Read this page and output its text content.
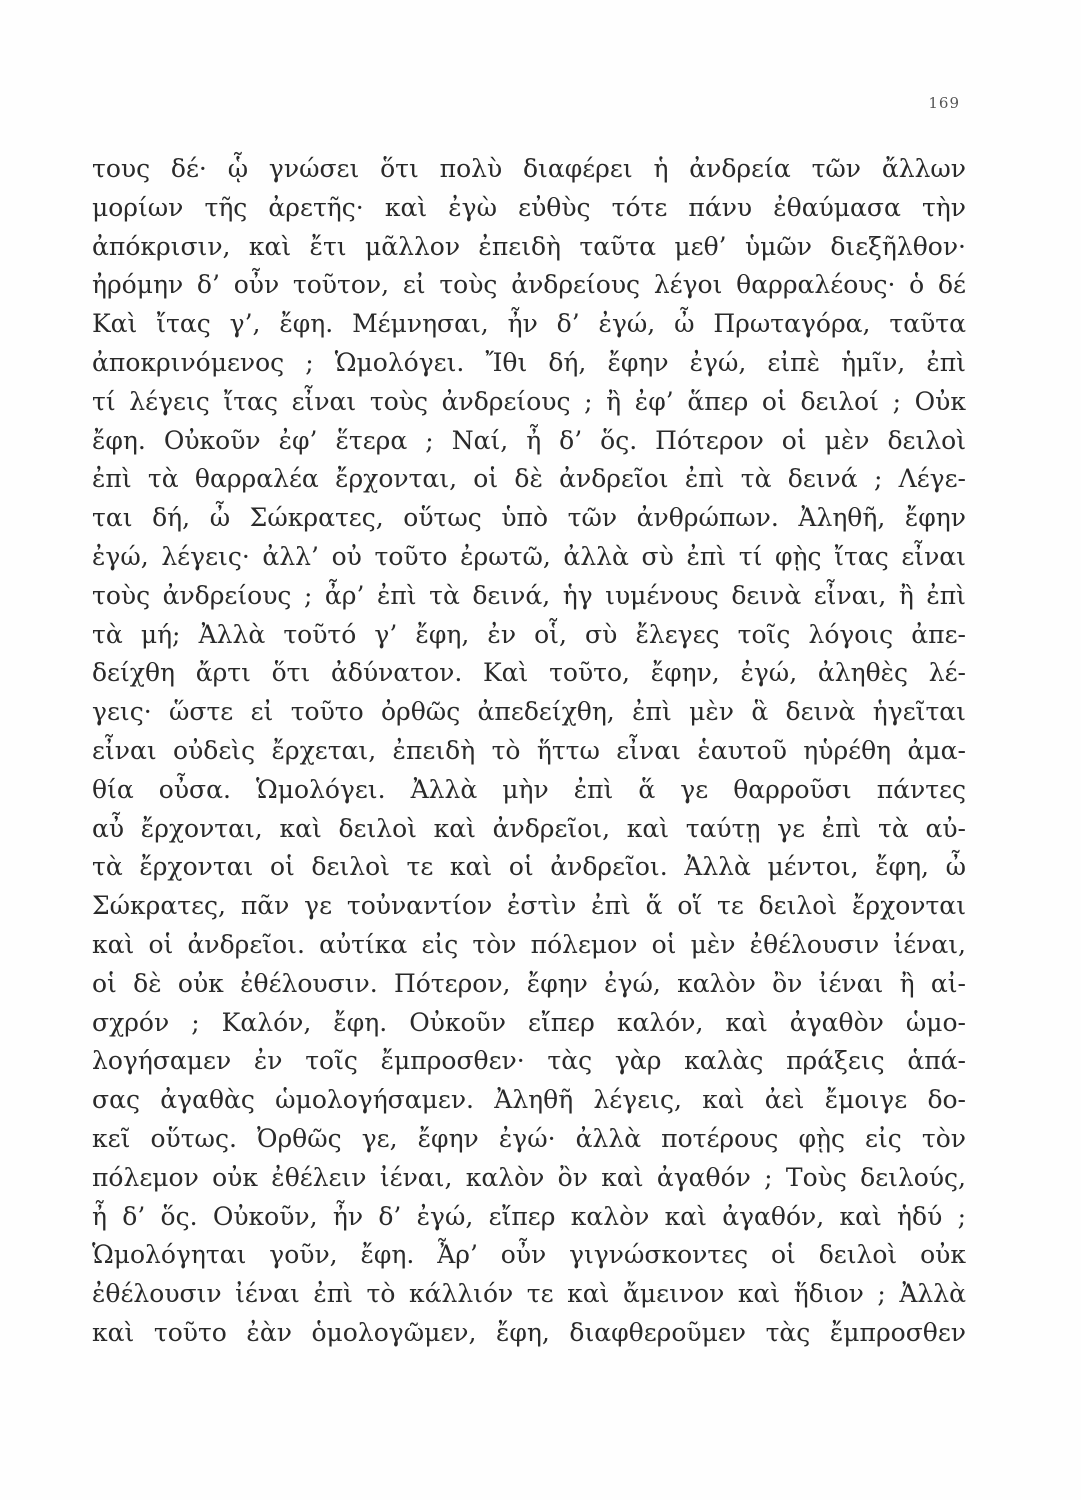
169
τους δέ· ᾧ γνώσει ὅτι πολὺ διαφέρει ἡ ἀνδρεία τῶν ἄλλων
μορίων τῆς ἀρετῆς· καὶ ἐγὼ εὐθὺς τότε πάνυ ἐθαύμασα τὴν
ἀπόκρισιν, καὶ ἔτι μᾶλλον ἐπειδὴ ταῦτα μεθ’ ὑμῶν διεξῆλθον·
ἠρόμην δ’ οὖν τοῦτον, εἰ τοὺς ἀνδρείους λέγοι θαρραλέους· ὁ δέ
Καὶ ἴτας γ’, ἔφη. Μέμνησαι, ἦν δ’ ἐγώ, ὦ Πρωταγόρα, ταῦτα
ἀποκρινόμενος ; Ὡμολόγει. Ἴθι δή, ἔφην ἐγώ, εἰπὲ ἡμῖν, ἐπὶ
τί λέγεις ἴτας εἶναι τοὺς ἀνδρείους ; ἢ ἐφ’ ἅπερ οἱ δειλοί ; Οὐκ
ἔφη. Οὐκοῦν ἐφ’ ἕτερα ; Ναί, ἦ δ’ ὅς. Πότερον οἱ μὲν δειλοὶ
ἐπὶ τὰ θαρραλέα ἔρχονται, οἱ δὲ ἀνδρεῖοι ἐπὶ τὰ δεινά ; Λέγε-
ται δή, ὦ Σώκρατες, οὕτως ὑπὸ τῶν ἀνθρώπων. Ἀληθῆ, ἔφην
ἐγώ, λέγεις· ἀλλ’ οὐ τοῦτο ἐρωτῶ, ἀλλὰ σὺ ἐπὶ τί φῂς ἴτας εἶναι
τοὺς ἀνδρείους ; ἆρ’ ἐπὶ τὰ δεινά, ἡγ ιυμένους δεινὰ εἶναι, ἢ ἐπὶ
τὰ μή; Ἀλλὰ τοῦτό γ’ ἔφη, ἐν οἷ, σὺ ἔλεγες τοῖς λόγοις ἀπε-
δείχθη ἄρτι ὅτι ἀδύνατον. Καὶ τοῦτο, ἔφην, ἐγώ, ἀληθὲς λέ-
γεις· ὥστε εἰ τοῦτο ὀρθῶς ἀπεδείχθη, ἐπὶ μὲν ἃ δεινὰ ἡγεῖται
εἶναι οὐδεὶς ἔρχεται, ἐπειδὴ τὸ ἥττω εἶναι ἑαυτοῦ ηὑρέθη ἀμα-
θία οὖσα. Ὡμολόγει. Ἀλλὰ μὴν ἐπὶ ἅ γε θαρροῦσι πάντες
αὖ ἔρχονται, καὶ δειλοὶ καὶ ἀνδρεῖοι, καὶ ταύτῃ γε ἐπὶ τὰ αὐ-
τὰ ἔρχονται οἱ δειλοὶ τε καὶ οἱ ἀνδρεῖοι. Ἀλλὰ μέντοι, ἔφη, ὦ
Σώκρατες, πᾶν γε τοὐναντίον ἐστὶν ἐπὶ ἅ οἵ τε δειλοὶ ἔρχονται
καὶ οἱ ἀνδρεῖοι. αὐτίκα εἰς τὸν πόλεμον οἱ μὲν ἐθέλουσιν ἰέναι,
οἱ δὲ οὐκ ἐθέλουσιν. Πότερον, ἔφην ἐγώ, καλὸν ὂν ἰέναι ἢ αἰ-
σχρόν ; Καλόν, ἔφη. Οὐκοῦν εἴπερ καλόν, καὶ ἀγαθὸν ὡμο-
λογήσαμεν ἐν τοῖς ἔμπροσθεν· τὰς γὰρ καλὰς πράξεις ἁπά-
σας ἀγαθὰς ὡμολογήσαμεν. Ἀληθῆ λέγεις, καὶ ἀεὶ ἔμοιγε δο-
κεῖ οὕτως. Ὀρθῶς γε, ἔφην ἐγώ· ἀλλὰ ποτέρους φῂς εἰς τὸν
πόλεμον οὐκ ἐθέλειν ἰέναι, καλὸν ὂν καὶ ἀγαθόν ; Τοὺς δειλούς,
ἦ δ’ ὅς. Οὐκοῦν, ἦν δ’ ἐγώ, εἴπερ καλὸν καὶ ἀγαθόν, καὶ ἡδύ ;
Ὡμολόγηται γοῦν, ἔφη. Ἆρ’ οὖν γιγνώσκοντες οἱ δειλοὶ οὐκ
ἐθέλουσιν ἰέναι ἐπὶ τὸ κάλλιόν τε καὶ ἄμεινον καὶ ἥδιον ; Ἀλλὰ
καὶ τοῦτο ἐὰν ὁμολογῶμεν, ἔφη, διαφθεροῦμεν τὰς ἔμπροσθεν
